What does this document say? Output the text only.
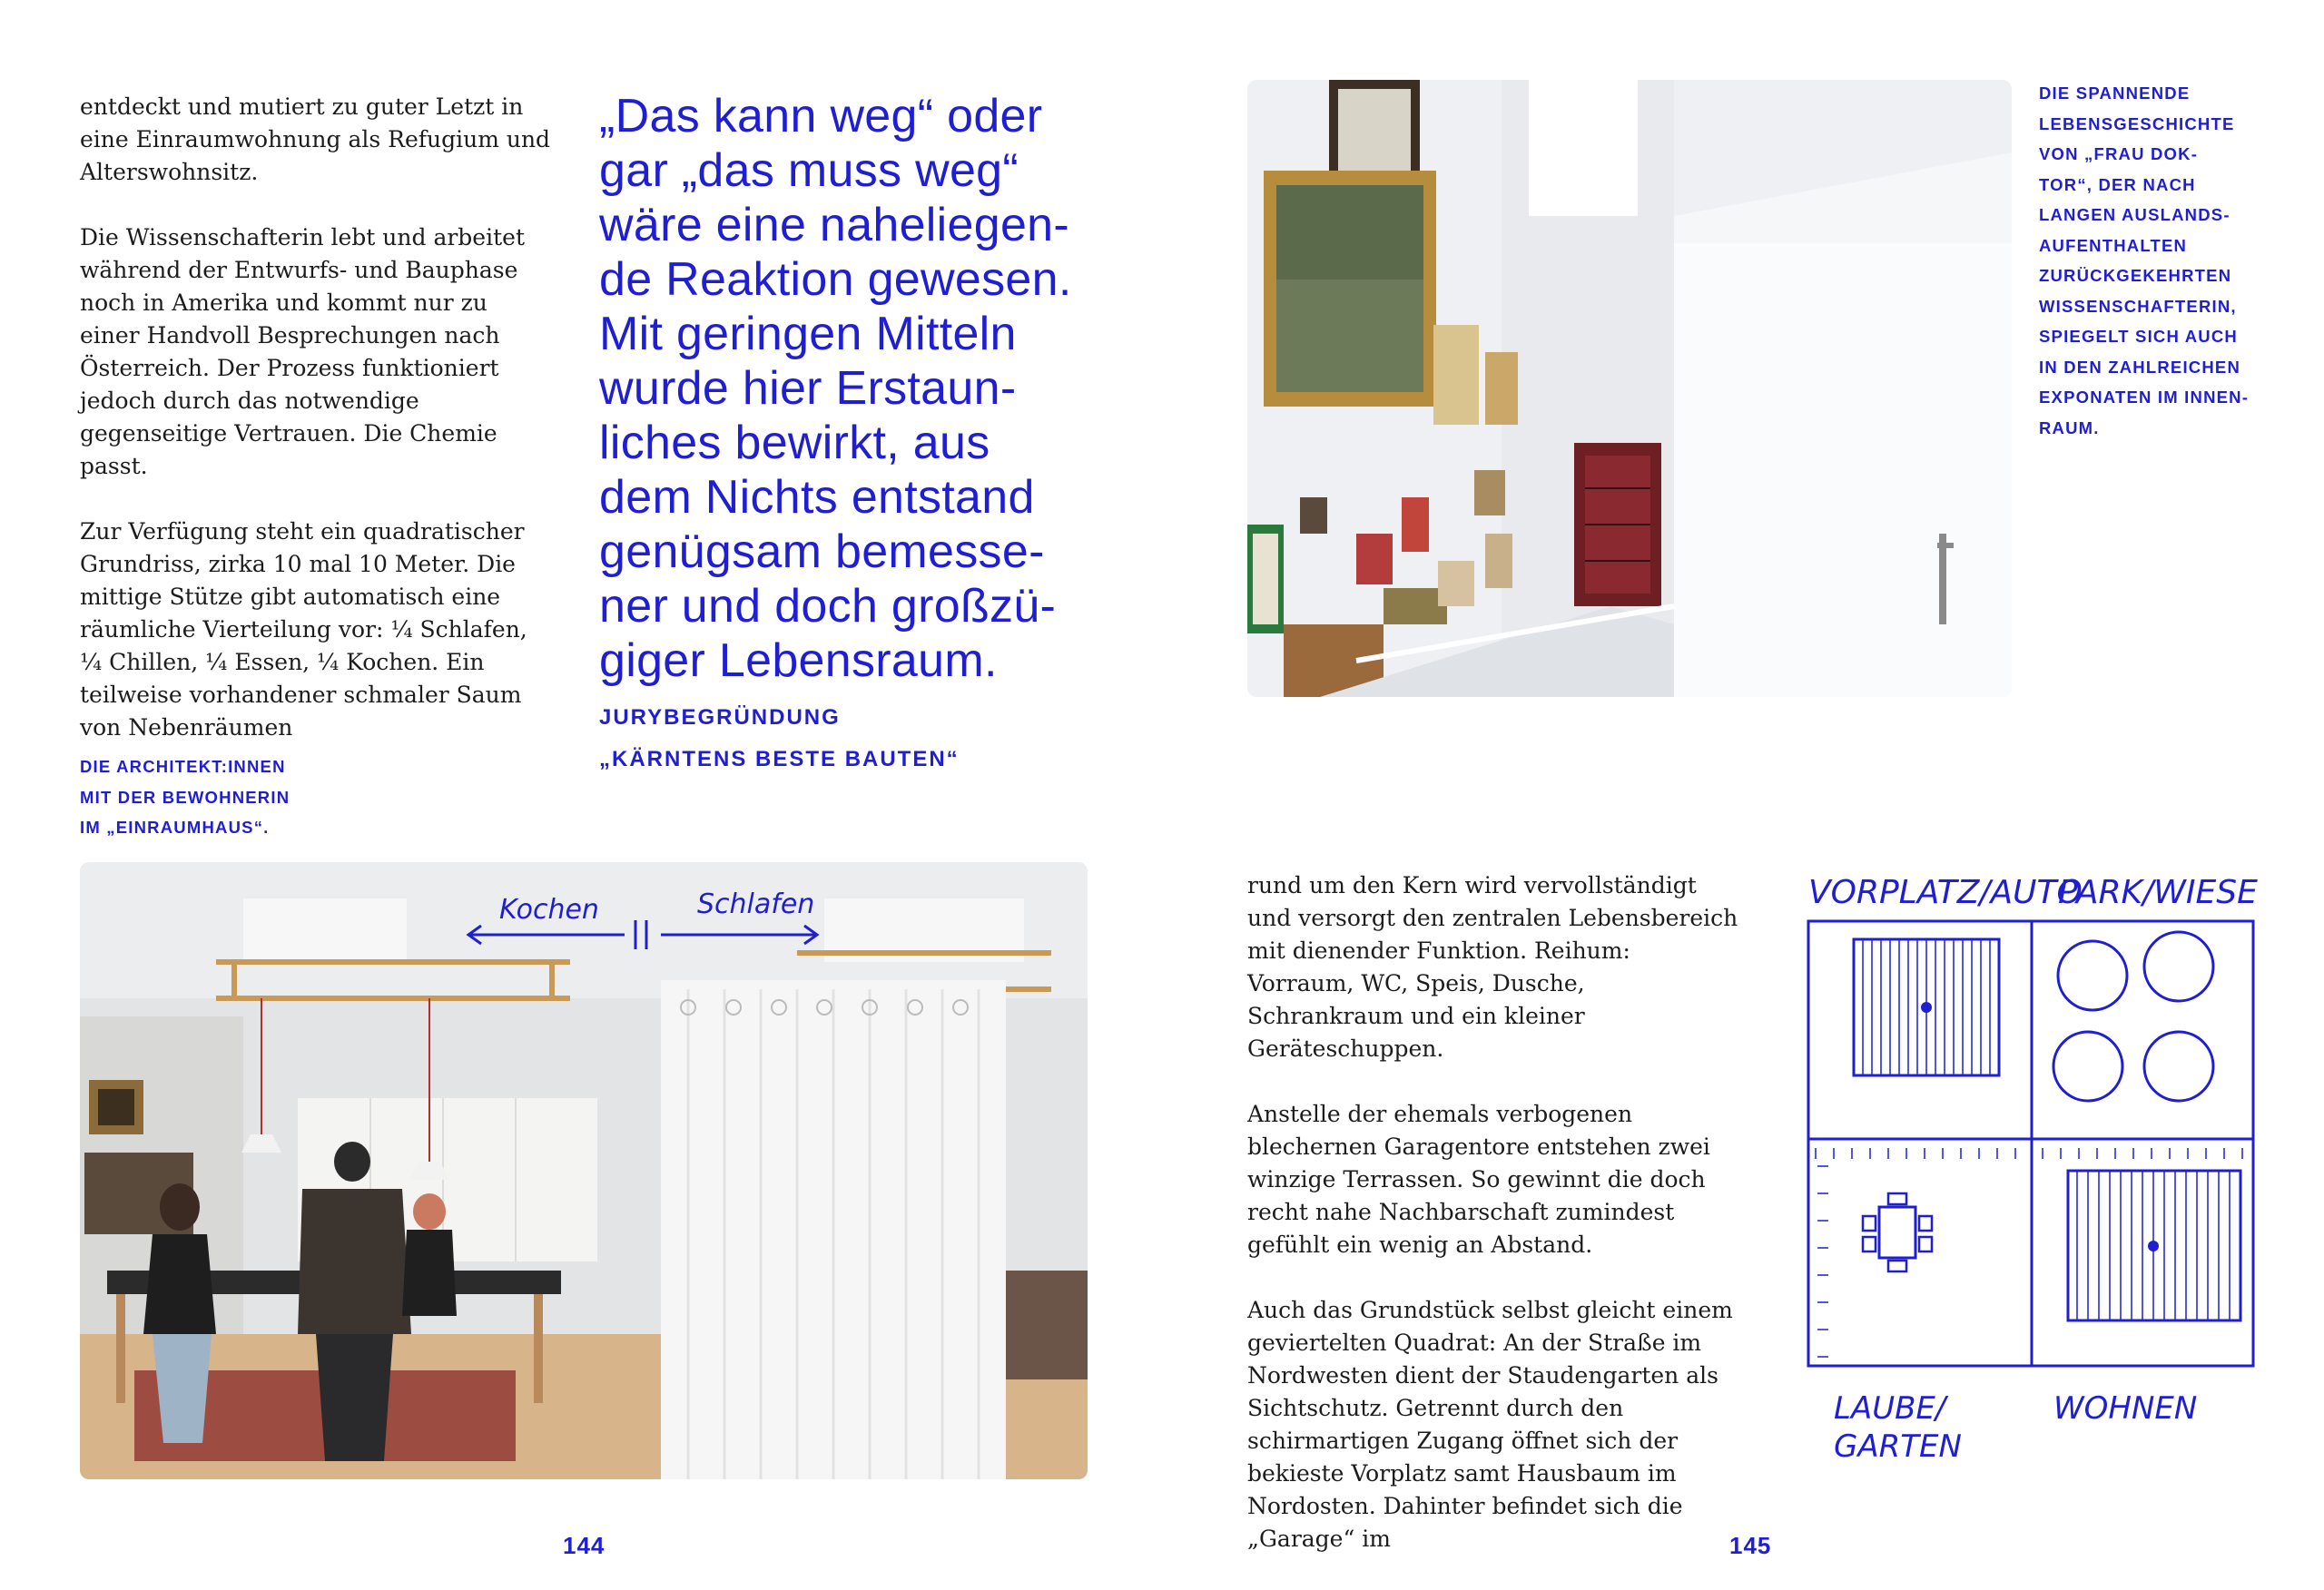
entdeckt und mutiert zu guter Letzt in eine Einraumwohnung als Refugium und Alterswohnsitz.

Die Wissenschafterin lebt und arbeitet während der Entwurfs- und Bauphase noch in Amerika und kommt nur zu einer Handvoll Besprechungen nach Österreich. Der Prozess funktioniert jedoch durch das notwendige gegenseitige Vertrauen. Die Chemie passt.

Zur Verfügung steht ein quadratischer Grundriss, zirka 10 mal 10 Meter. Die mittige Stütze gibt automatisch eine räumliche Vierteilung vor: ¼ Schlafen, ¼ Chillen, ¼ Essen, ¼ Kochen. Ein teilweise vorhandener schmaler Saum von Nebenräumen

„Das kann weg“ oder
gar „das muss weg“
wäre eine naheliegen-
de Reaktion gewesen.
Mit geringen Mitteln
wurde hier Erstaun-
liches bewirkt, aus
dem Nichts entstand
genügsam bemesse-
ner und doch großzü-
giger Lebensraum.
JURYBEGRÜNDUNG
„KÄRNTENS BESTE BAUTEN“
DIE ARCHITEKT:INNEN
MIT DER BEWOHNERIN
IM „EINRAUMHAUS“.
Kochen	Schlafen
144
DIE SPANNENDE
LEBENSGESCHICHTE
VON „FRAU DOK-
TOR“, DER NACH
LANGEN AUSLANDS-
AUFENTHALTEN
ZURÜCKGEKEHRTEN
WISSENSCHAFTERIN,
SPIEGELT SICH AUCH
IN DEN ZAHLREICHEN
EXPONATEN IM INNEN-
RAUM.

rund um den Kern wird vervollständigt und versorgt den zentralen Lebensbereich mit dienender Funktion. Reihum: Vorraum, WC, Speis, Dusche, Schrankraum und ein kleiner Geräteschuppen.

Anstelle der ehemals verbogenen blechernen Garagentore entstehen zwei winzige Terrassen. So gewinnt die doch recht nahe Nachbarschaft zumindest gefühlt ein wenig an Abstand.

Auch das Grundstück selbst gleicht einem geviertelten Quadrat: An der Straße im Nordwesten dient der Staudengarten als Sichtschutz. Getrennt durch den schirmartigen Zugang öffnet sich der bekieste Vorplatz samt Hausbaum im Nordosten. Dahinter befindet sich die „Garage“ im

VORPLATZ/AUTO
PARK/WIESE
LAUBE/
GARTEN
WOHNEN
145
